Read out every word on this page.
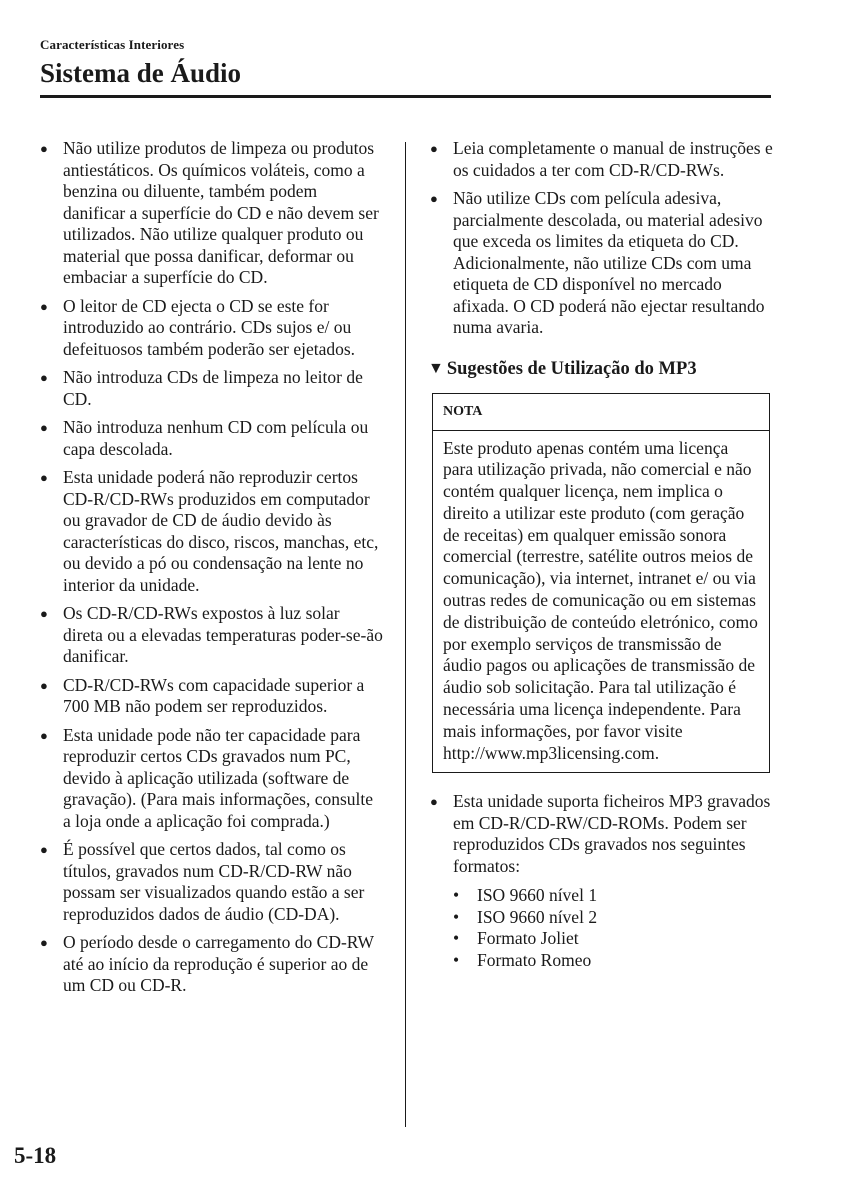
Características Interiores
Sistema de Áudio
● Não utilize produtos de limpeza ou produtos antiestáticos. Os químicos voláteis, como a benzina ou diluente, também podem danificar a superfície do CD e não devem ser utilizados. Não utilize qualquer produto ou material que possa danificar, deformar ou embaciar a superfície do CD.
● O leitor de CD ejecta o CD se este for introduzido ao contrário. CDs sujos e/ ou defeituosos também poderão ser ejetados.
● Não introduza CDs de limpeza no leitor de CD.
● Não introduza nenhum CD com película ou capa descolada.
● Esta unidade poderá não reproduzir certos CD-R/CD-RWs produzidos em computador ou gravador de CD de áudio devido às características do disco, riscos, manchas, etc, ou devido a pó ou condensação na lente no interior da unidade.
● Os CD-R/CD-RWs expostos à luz solar direta ou a elevadas temperaturas poder-se-ão danificar.
● CD-R/CD-RWs com capacidade superior a 700 MB não podem ser reproduzidos.
● Esta unidade pode não ter capacidade para reproduzir certos CDs gravados num PC, devido à aplicação utilizada (software de gravação). (Para mais informações, consulte a loja onde a aplicação foi comprada.)
● É possível que certos dados, tal como os títulos, gravados num CD-R/CD-RW não possam ser visualizados quando estão a ser reproduzidos dados de áudio (CD-DA).
● O período desde o carregamento do CD-RW até ao início da reprodução é superior ao de um CD ou CD-R.
● Leia completamente o manual de instruções e os cuidados a ter com CD-R/CD-RWs.
● Não utilize CDs com película adesiva, parcialmente descolada, ou material adesivo que exceda os limites da etiqueta do CD. Adicionalmente, não utilize CDs com uma etiqueta de CD disponível no mercado afixada. O CD poderá não ejectar resultando numa avaria.
▼ Sugestões de Utilização do MP3
NOTA
Este produto apenas contém uma licença para utilização privada, não comercial e não contém qualquer licença, nem implica o direito a utilizar este produto (com geração de receitas) em qualquer emissão sonora comercial (terrestre, satélite outros meios de comunicação), via internet, intranet e/ ou via outras redes de comunicação ou em sistemas de distribuição de conteúdo eletrónico, como por exemplo serviços de transmissão de áudio pagos ou aplicações de transmissão de áudio sob solicitação. Para tal utilização é necessária uma licença independente. Para mais informações, por favor visite http://www.mp3licensing.com.
● Esta unidade suporta ficheiros MP3 gravados em CD-R/CD-RW/CD-ROMs. Podem ser reproduzidos CDs gravados nos seguintes formatos:
• ISO 9660 nível 1
• ISO 9660 nível 2
• Formato Joliet
• Formato Romeo
5-18
